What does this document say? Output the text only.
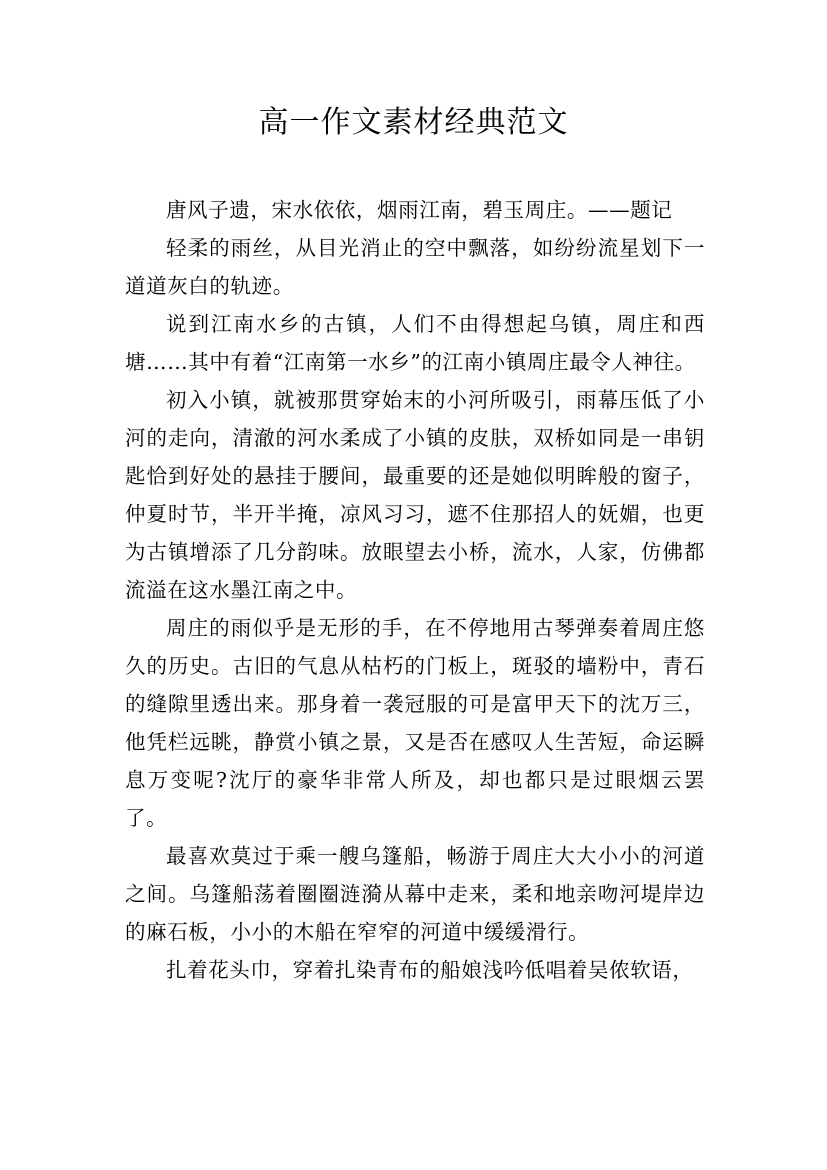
高一作文素材经典范文

唐风子遗，宋水依依，烟雨江南，碧玉周庄。——题记

轻柔的雨丝，从目光消止的空中飘落，如纷纷流星划下一道道灰白的轨迹。

说到江南水乡的古镇，人们不由得想起乌镇，周庄和西塘……其中有着“江南第一水乡”的江南小镇周庄最令人神往。

初入小镇，就被那贯穿始末的小河所吸引，雨幕压低了小河的走向，清澈的河水柔成了小镇的皮肤，双桥如同是一串钥匙恰到好处的悬挂于腰间，最重要的还是她似明眸般的窗子，仲夏时节，半开半掩，凉风习习，遮不住那招人的妩媚，也更为古镇增添了几分韵味。放眼望去小桥，流水，人家，仿佛都流溢在这水墨江南之中。

周庄的雨似乎是无形的手，在不停地用古琴弹奏着周庄悠久的历史。古旧的气息从枯朽的门板上，斑驳的墙粉中，青石的缝隙里透出来。那身着一袭冠服的可是富甲天下的沈万三，他凭栏远眺，静赏小镇之景，又是否在感叹人生苦短，命运瞬息万变呢?沈厅的豪华非常人所及，却也都只是过眼烟云罢了。

最喜欢莫过于乘一艘乌篷船，畅游于周庄大大小小的河道之间。乌篷船荡着圈圈涟漪从幕中走来，柔和地亲吻河堤岸边的麻石板，小小的木船在窄窄的河道中缓缓滑行。

扎着花头巾，穿着扎染青布的船娘浅吟低唱着吴侬软语，
